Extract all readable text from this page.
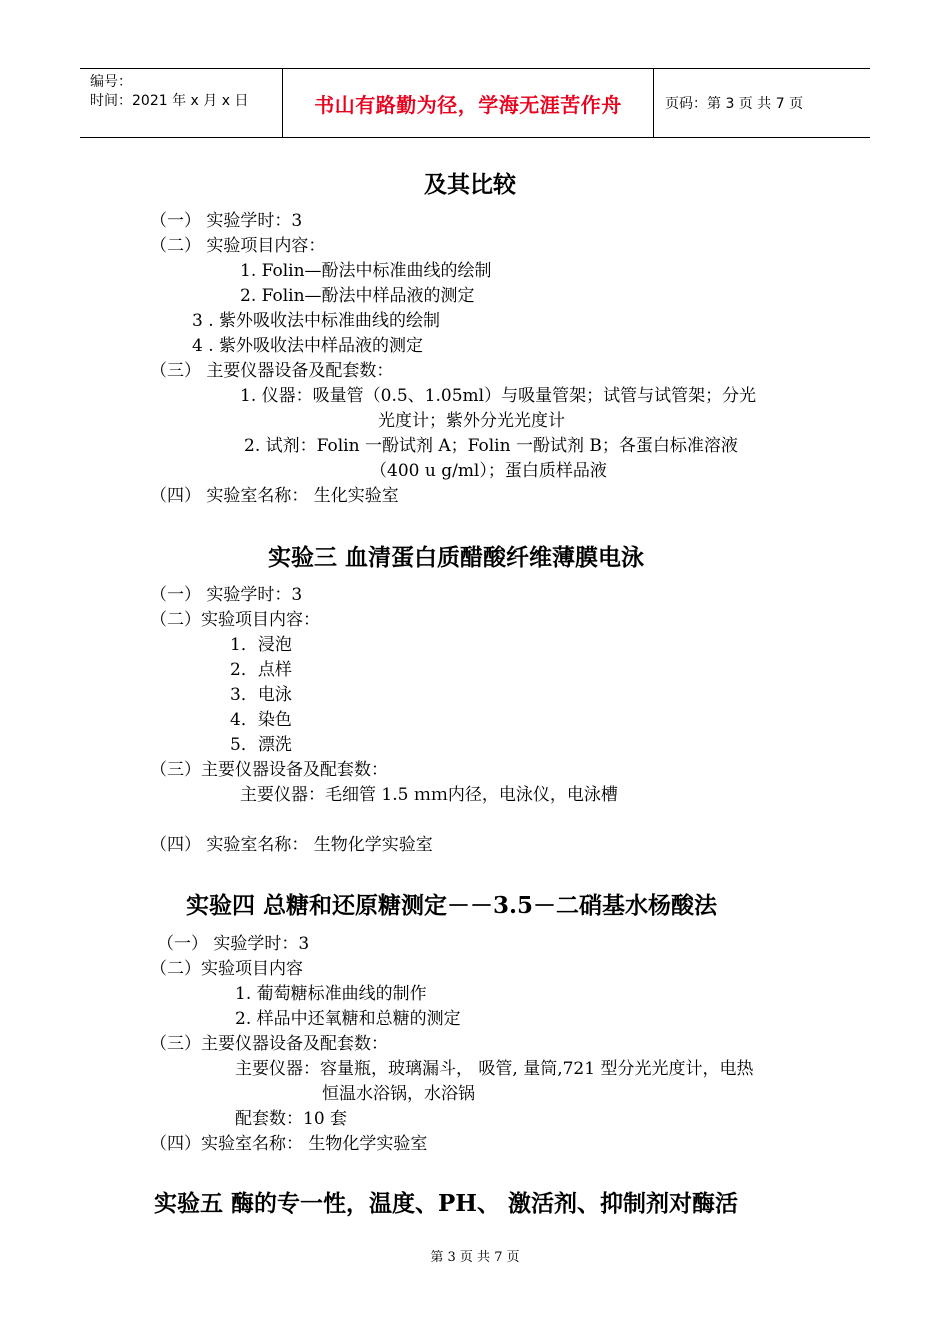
编号：
时间：2021 年 x 月 x 日	书山有路勤为径，学海无涯苦作舟	页码：第 3 页 共 7 页
及其比较
（一） 实验学时：3
（二） 实验项目内容：
1. Folin—酚法中标准曲线的绘制
2. Folin—酚法中样品液的测定
3 . 紫外吸收法中标准曲线的绘制
4 . 紫外吸收法中样品液的测定
（三） 主要仪器设备及配套数：
1. 仪器：吸量管（0.5、1.05ml）与吸量管架；试管与试管架；分光
光度计；紫外分光光度计
2. 试剂：Folin 一酚试剂 A；Folin 一酚试剂 B；各蛋白标准溶液
（400 u g/ml）；蛋白质样品液
（四） 实验室名称： 生化实验室
实验三 血清蛋白质醋酸纤维薄膜电泳
（一） 实验学时：3
（二）实验项目内容：
1．浸泡
2．点样
3．电泳
4．染色
5．漂洗
（三）主要仪器设备及配套数：
主要仪器：毛细管 1.5 ｍｍ内径，电泳仪，电泳槽
（四） 实验室名称： 生物化学实验室
实验四 总糖和还原糖测定－－3.5－二硝基水杨酸法
（一） 实验学时：3
（二）实验项目内容
1. 葡萄糖标准曲线的制作
2. 样品中还氧糖和总糖的测定
（三）主要仪器设备及配套数：
主要仪器：容量瓶，玻璃漏斗， 吸管, 量筒,721 型分光光度计，电热
恒温水浴锅，水浴锅
配套数：10 套
（四）实验室名称： 生物化学实验室
实验五 酶的专一性，温度、PH、 激活剂、抑制剂对酶活
第 3 页 共 7 页
